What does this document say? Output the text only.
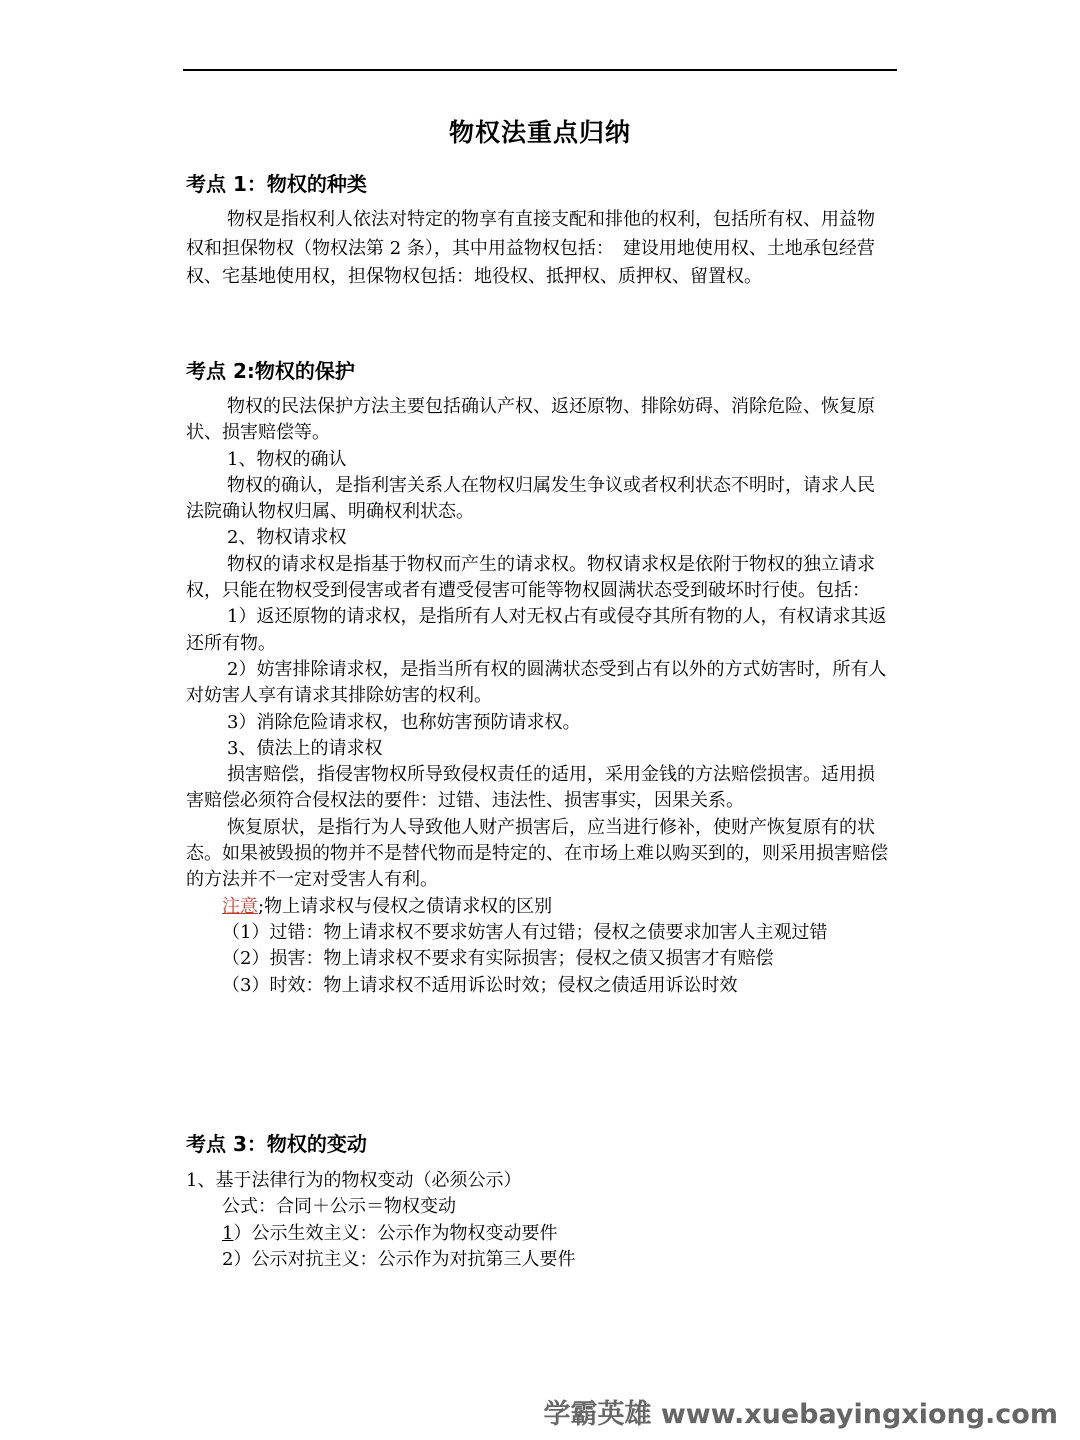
物权法重点归纳
考点 1：物权的种类

物权是指权利人依法对特定的物享有直接支配和排他的权利，包括所有权、用益物权和担保物权（物权法第 2 条），其中用益物权包括：　建设用地使用权、土地承包经营权、宅基地使用权，担保物权包括：地役权、抵押权、质押权、留置权。

考点 2:物权的保护

物权的民法保护方法主要包括确认产权、返还原物、排除妨碍、消除危险、恢复原状、损害赔偿等。

1、物权的确认

物权的确认，是指利害关系人在物权归属发生争议或者权利状态不明时，请求人民法院确认物权归属、明确权利状态。

2、物权请求权

物权的请求权是指基于物权而产生的请求权。物权请求权是依附于物权的独立请求权，只能在物权受到侵害或者有遭受侵害可能等物权圆满状态受到破坏时行使。包括：

1）返还原物的请求权，是指所有人对无权占有或侵夺其所有物的人，有权请求其返还所有物。

2）妨害排除请求权，是指当所有权的圆满状态受到占有以外的方式妨害时，所有人对妨害人享有请求其排除妨害的权利。

3）消除危险请求权，也称妨害预防请求权。

3、债法上的请求权

损害赔偿，指侵害物权所导致侵权责任的适用，采用金钱的方法赔偿损害。适用损害赔偿必须符合侵权法的要件：过错、违法性、损害事实，因果关系。

恢复原状，是指行为人导致他人财产损害后，应当进行修补，使财产恢复原有的状态。如果被毁损的物并不是替代物而是特定的、在市场上难以购买到的，则采用损害赔偿的方法并不一定对受害人有利。

注意;物上请求权与侵权之债请求权的区别

（1）过错：物上请求权不要求妨害人有过错；侵权之债要求加害人主观过错

（2）损害：物上请求权不要求有实际损害；侵权之债又损害才有赔偿

（3）时效：物上请求权不适用诉讼时效；侵权之债适用诉讼时效

考点 3：物权的变动

1、基于法律行为的物权变动（必须公示）

公式：合同＋公示＝物权变动

1）公示生效主义：公示作为物权变动要件

2）公示对抗主义：公示作为对抗第三人要件

学霸英雄 www.xuebayingxiong.com
